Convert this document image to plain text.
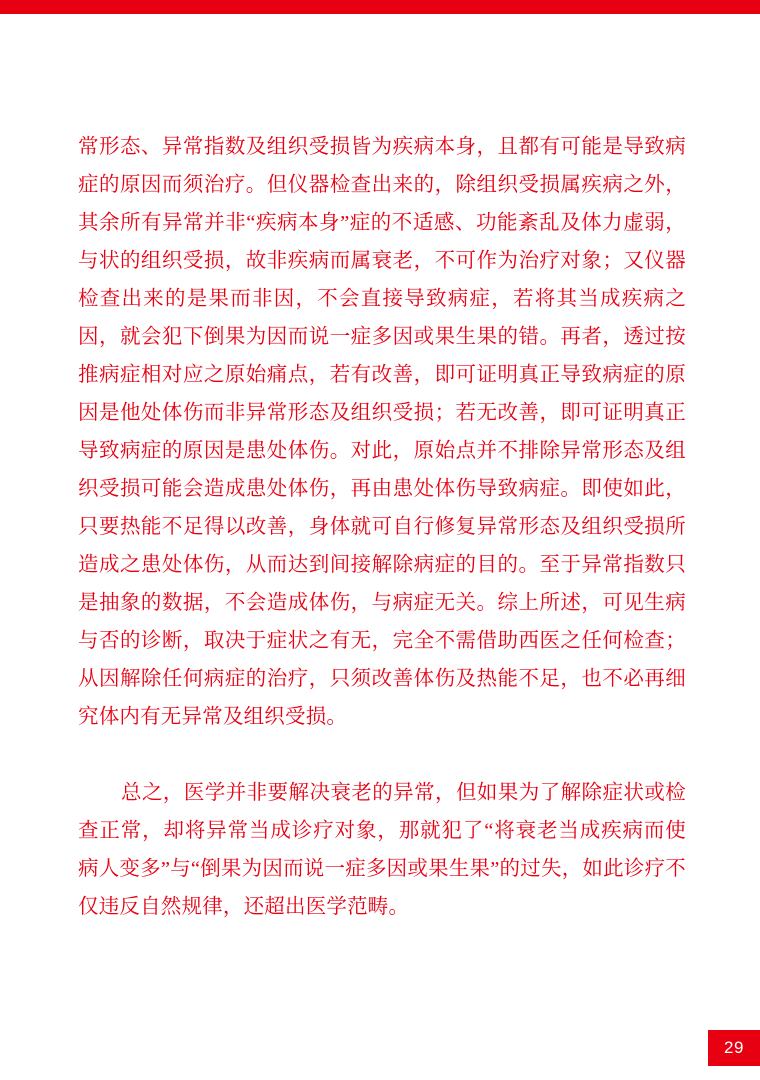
常形态、异常指数及组织受损皆为疾病本身，且都有可能是导致病症的原因而须治疗。但仪器检查出来的，除组织受损属疾病之外，其余所有异常并非“疾病本身”症的不适感、功能紊乱及体力虚弱，与状的组织受损，故非疾病而属衰老，不可作为治疗对象；又仪器检查出来的是果而非因，不会直接导致病症，若将其当成疾病之因，就会犯下倒果为因而说一症多因或果生果的错。再者，透过按推病症相对应之原始痛点，若有改善，即可证明真正导致病症的原因是他处体伤而非异常形态及组织受损；若无改善，即可证明真正导致病症的原因是患处体伤。对此，原始点并不排除异常形态及组织受损可能会造成患处体伤，再由患处体伤导致病症。即使如此，只要热能不足得以改善，身体就可自行修复异常形态及组织受损所造成之患处体伤，从而达到间接解除病症的目的。至于异常指数只是抽象的数据，不会造成体伤，与病症无关。综上所述，可见生病与否的诊断，取决于症状之有无，完全不需借助西医之任何检查；从因解除任何病症的治疗，只须改善体伤及热能不足，也不必再细究体内有无异常及组织受损。

总之，医学并非要解决衰老的异常，但如果为了解除症状或检查正常，却将异常当成诊疗对象，那就犯了“将衰老当成疾病而使病人变多”与“倒果为因而说一症多因或果生果”的过失，如此诊疗不仅违反自然规律，还超出医学范畴。

29
